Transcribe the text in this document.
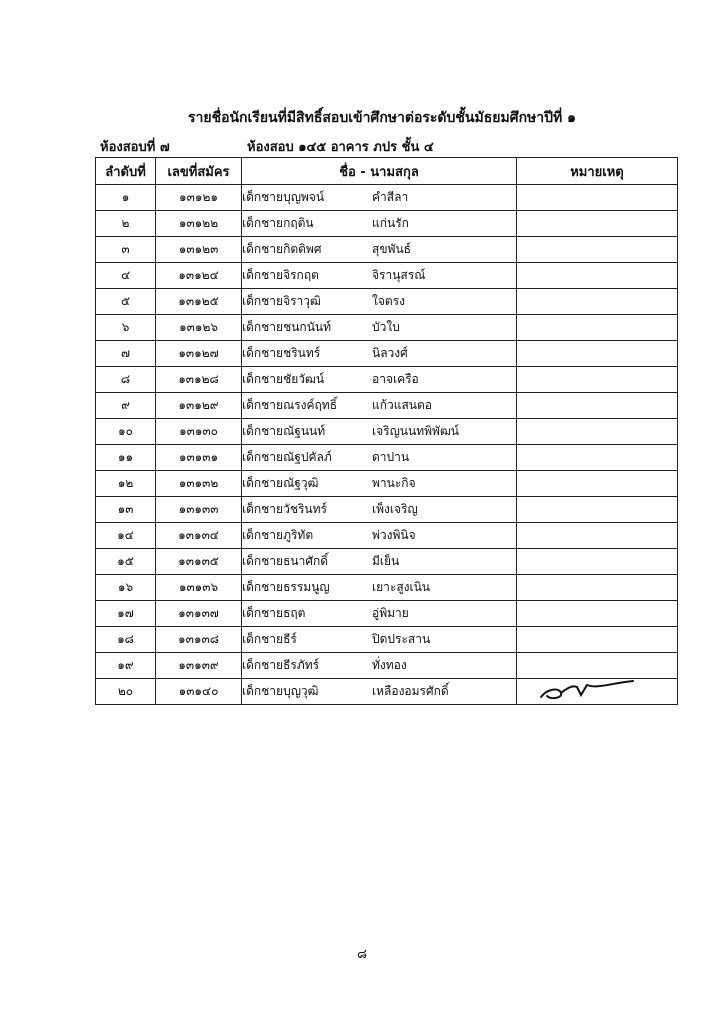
รายชื่อนักเรียนที่มีสิทธิ์สอบเข้าศึกษาต่อระดับชั้นมัธยมศึกษาปีที่ ๑
ห้องสอบที่ ๗	ห้องสอบ ๑๔๕ อาคาร ภปร ชั้น ๔
ลำดับที่	เลขที่สมัคร	ชื่อ - นามสกุล	หมายเหตุ
๑	๑๓๑๒๑	เด็กชายบุญพจน์ คำสีลา	
๒	๑๓๑๒๒	เด็กชายกฤติน แก่นรัก	
๓	๑๓๑๒๓	เด็กชายกิตติพศ สุขพันธ์	
๔	๑๓๑๒๔	เด็กชายจิรกฤต จิรานุสรณ์	
๕	๑๓๑๒๕	เด็กชายจิราวุฒิ ใจตรง	
๖	๑๓๑๒๖	เด็กชายชนกนันท์ บัวใบ	
๗	๑๓๑๒๗	เด็กชายชรินทร์ นิลวงศ์	
๘	๑๓๑๒๘	เด็กชายชัยวัฒน์ อาจเครือ	
๙	๑๓๑๒๙	เด็กชายณรงค์ฤทธิ์ แก้วแสนตอ	
๑๐	๑๓๑๓๐	เด็กชายณัฐนนท์ เจริญนนทพิพัฒน์	
๑๑	๑๓๑๓๑	เด็กชายณัฐปคัลภ์ ดาปาน	
๑๒	๑๓๑๓๒	เด็กชายณัฐวุฒิ พานะกิจ	
๑๓	๑๓๑๓๓	เด็กชายวัชรินทร์ เพ็งเจริญ	
๑๔	๑๓๑๓๔	เด็กชายภูริทัต พ่วงพินิจ	
๑๕	๑๓๑๓๕	เด็กชายธนาศักดิ์ มีเย็น	
๑๖	๑๓๑๓๖	เด็กชายธรรมนูญ เยาะสูงเนิน	
๑๗	๑๓๑๓๗	เด็กชายธฤต อู่พิมาย	
๑๘	๑๓๑๓๘	เด็กชายธีร์ ปิดประสาน	
๑๙	๑๓๑๓๙	เด็กชายธีรภัทร์ ทั่งทอง	
๒๐	๑๓๑๔๐	เด็กชายบุญวุฒิ เหลืองอมรศักดิ์	
๘
